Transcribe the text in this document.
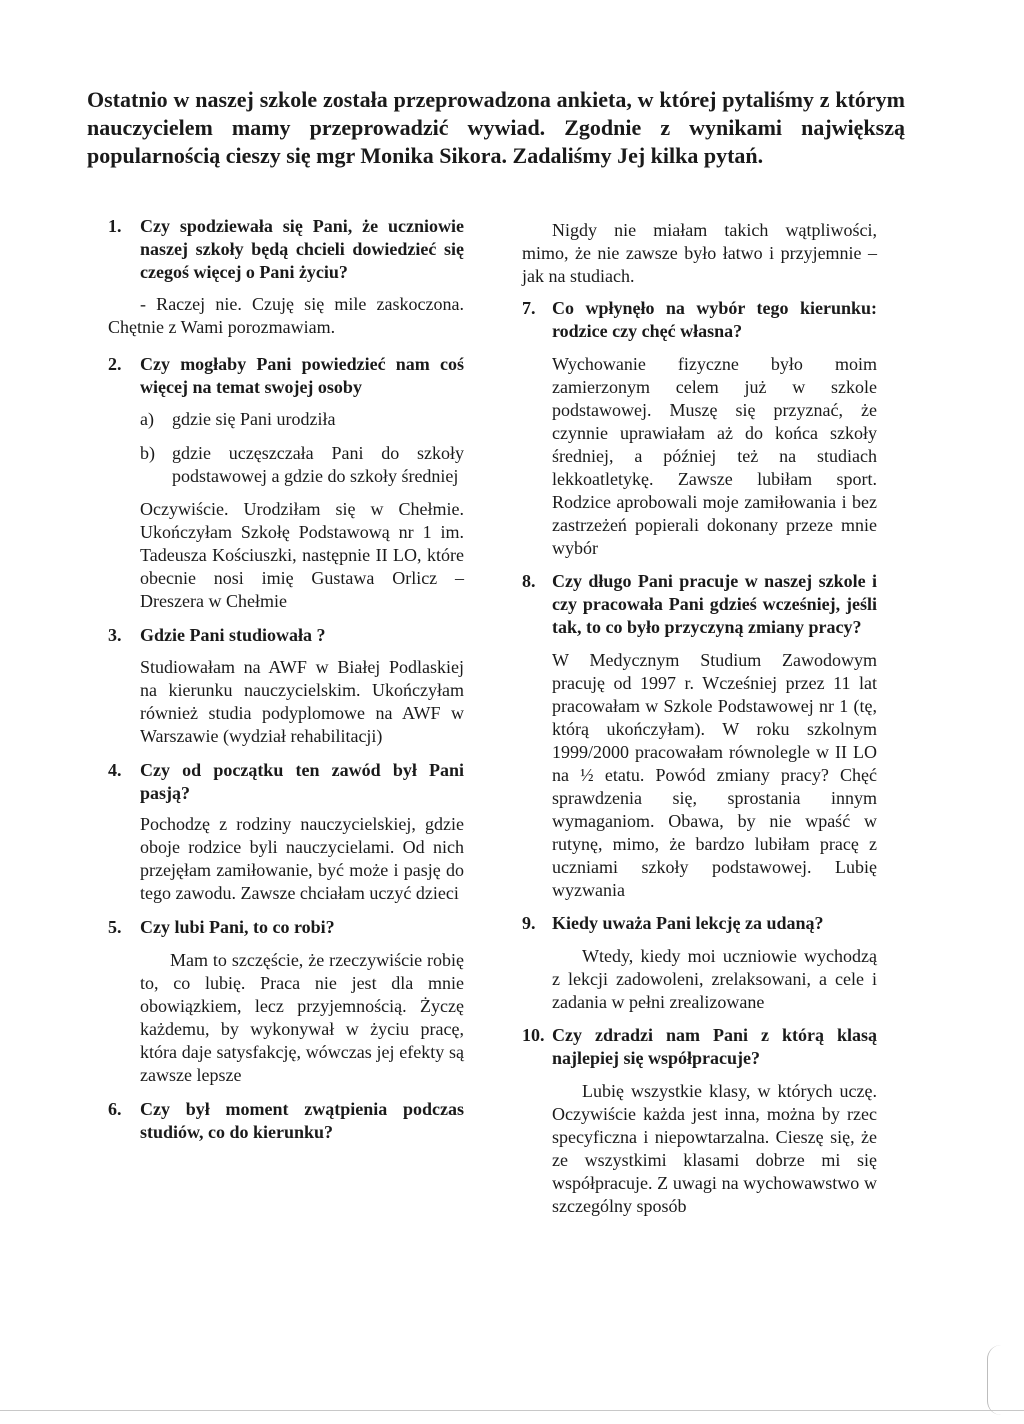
Ostatnio w naszej szkole została przeprowadzona ankieta, w której pytaliśmy z którym nauczycielem mamy przeprowadzić wywiad. Zgodnie z wynikami największą popularnością cieszy się mgr Monika Sikora. Zadaliśmy Jej kilka pytań.

1.	Czy spodziewała się Pani, że uczniowie naszej szkoły będą chcieli dowiedzieć się czegoś więcej o Pani życiu?

- Raczej nie. Czuję się mile zaskoczona. Chętnie z Wami porozmawiam.

2.	Czy mogłaby Pani powiedzieć nam coś więcej na temat swojej osoby
a)	gdzie się Pani urodziła
b) gdzie uczęszczała Pani do szkoły podstawowej a gdzie do szkoły średniej

Oczywiście. Urodziłam się w Chełmie. Ukończyłam Szkołę Podstawową nr 1 im. Tadeusza Kościuszki, następnie II LO, które obecnie nosi imię Gustawa Orlicz – Dreszera w Chełmie

3.	Gdzie Pani studiowała ?

Studiowałam na AWF w Białej Podlaskiej na kierunku nauczycielskim. Ukończyłam również studia podyplomowe na AWF w Warszawie (wydział rehabilitacji)

4.	Czy od początku ten zawód był Pani pasją?

Pochodzę z rodziny nauczycielskiej, gdzie oboje rodzice byli nauczycielami. Od nich przejęłam zamiłowanie, być może i pasję do tego zawodu. Zawsze chciałam uczyć dzieci

5.	Czy lubi Pani, to co robi?

Mam to szczęście, że rzeczywiście robię to, co lubię. Praca nie jest dla mnie obowiązkiem, lecz przyjemnością. Życzę każdemu, by wykonywał w życiu pracę, która daje satysfakcję, wówczas jej efekty są zawsze lepsze

6.	Czy był moment zwątpienia podczas studiów, co do kierunku?

Nigdy nie miałam takich wątpliwości, mimo, że nie zawsze było łatwo i przyjemnie – jak na studiach.

7. Co wpłynęło na wybór tego kierunku: rodzice czy chęć własna?

Wychowanie fizyczne było moim zamierzonym celem już w szkole podstawowej. Muszę się przyznać, że czynnie uprawiałam aż do końca szkoły średniej, a później też na studiach lekkoatletykę. Zawsze lubiłam sport. Rodzice aprobowali moje zamiłowania i bez zastrzeżeń popierali dokonany przeze mnie wybór

8. Czy długo Pani pracuje w naszej szkole i czy pracowała Pani gdzieś wcześniej, jeśli tak, to co było przyczyną zmiany pracy?

W Medycznym Studium Zawodowym pracuję od 1997 r. Wcześniej przez 11 lat pracowałam w Szkole Podstawowej nr 1 (tę, którą ukończyłam). W roku szkolnym 1999/2000 pracowałam równolegle w II LO na ½ etatu. Powód zmiany pracy? Chęć sprawdzenia się, sprostania innym wymaganiom. Obawa, by nie wpaść w rutynę, mimo, że bardzo lubiłam pracę z uczniami szkoły podstawowej. Lubię wyzwania

9. Kiedy uważa Pani lekcję za udaną?

Wtedy, kiedy moi uczniowie wychodzą z lekcji zadowoleni, zrelaksowani, a cele i zadania w pełni zrealizowane

10. Czy zdradzi nam Pani z którą klasą najlepiej się współpracuje?

Lubię wszystkie klasy, w których uczę. Oczywiście każda jest inna, można by rzec specyficzna i niepowtarzalna. Cieszę się, że ze wszystkimi klasami dobrze mi się współpracuje. Z uwagi na wychowawstwo w szczególny sposób
